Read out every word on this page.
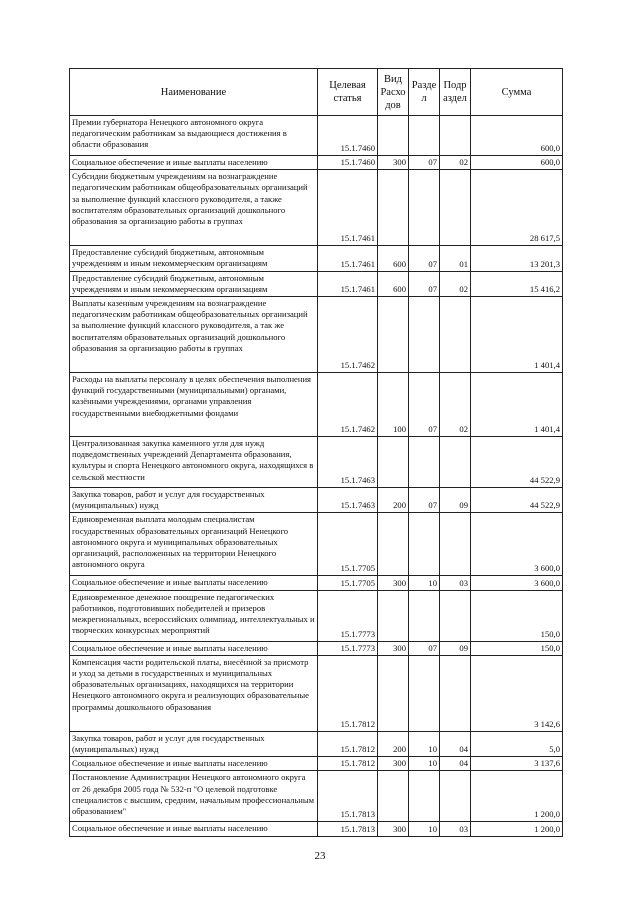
Наименование	Целевая статья	Вид Расхо дов	Разде л	Подр аздел	Сумма
Премии губернатора Ненецкого автономного округа педагогическим работникам за выдающиеся достижения в области образования	15.1.7460				600,0
Социальное обеспечение и иные выплаты населению	15.1.7460	300	07	02	600,0
Субсидии бюджетным учреждениям на вознаграждение педагогическим работникам общеобразовательных организаций за выполнение функций классного руководителя, а также воспитателям образовательных организаций дошкольного образования за организацию работы в группах	15.1.7461				28 617,5
Предоставление субсидий бюджетным, автономным учреждениям и иным некоммерческим организациям	15.1.7461	600	07	01	13 201,3
Предоставление субсидий бюджетным, автономным учреждениям и иным некоммерческим организациям	15.1.7461	600	07	02	15 416,2
Выплаты казенным учреждениям на вознаграждение педагогическим работникам общеобразовательных организаций за выполнение функций классного руководителя, а так же воспитателям образовательных организаций дошкольного образования за организацию работы в группах	15.1.7462				1 401,4
Расходы на выплаты персоналу в целях обеспечения выполнения функций государственными (муниципальными) органами, казёнными учреждениями, органами управления государственными внебюджетными фондами	15.1.7462	100	07	02	1 401,4
Централизованная закупка каменного угля для нужд подведомственных учреждений Департамента образования, культуры и спорта Ненецкого автономного округа, находящихся в сельской местности	15.1.7463				44 522,9
Закупка товаров, работ и услуг для государственных (муниципальных) нужд	15.1.7463	200	07	09	44 522,9
Единовременная выплата молодым специалистам государственных образовательных организаций Ненецкого автономного округа и муниципальных образовательных организаций, расположенных на территории Ненецкого автономного округа	15.1.7705				3 600,0
Социальное обеспечение и иные выплаты населению	15.1.7705	300	10	03	3 600,0
Единовременное денежное поощрение педагогических работников, подготовивших победителей и призеров межрегиональных, всероссийских олимпиад, интеллектуальных и творческих конкурсных мероприятий	15.1.7773				150,0
Социальное обеспечение и иные выплаты населению	15.1.7773	300	07	09	150,0
Компенсация части родительской платы, внесённой за присмотр и уход за детьми в государственных и муниципальных образовательных организациях, находящихся на территории Ненецкого автономного округа и реализующих образовательные программы дошкольного образования	15.1.7812				3 142,6
Закупка товаров, работ и услуг для государственных (муниципальных) нужд	15.1.7812	200	10	04	5,0
Социальное обеспечение и иные выплаты населению	15.1.7812	300	10	04	3 137,6
Постановление Администрации Ненецкого автономного округа от 26 декабря 2005 года № 532-п "О целевой подготовке специалистов с высшим, средним, начальным профессиональным образованием"	15.1.7813				1 200,0
Социальное обеспечение и иные выплаты населению	15.1.7813	300	10	03	1 200,0
23
